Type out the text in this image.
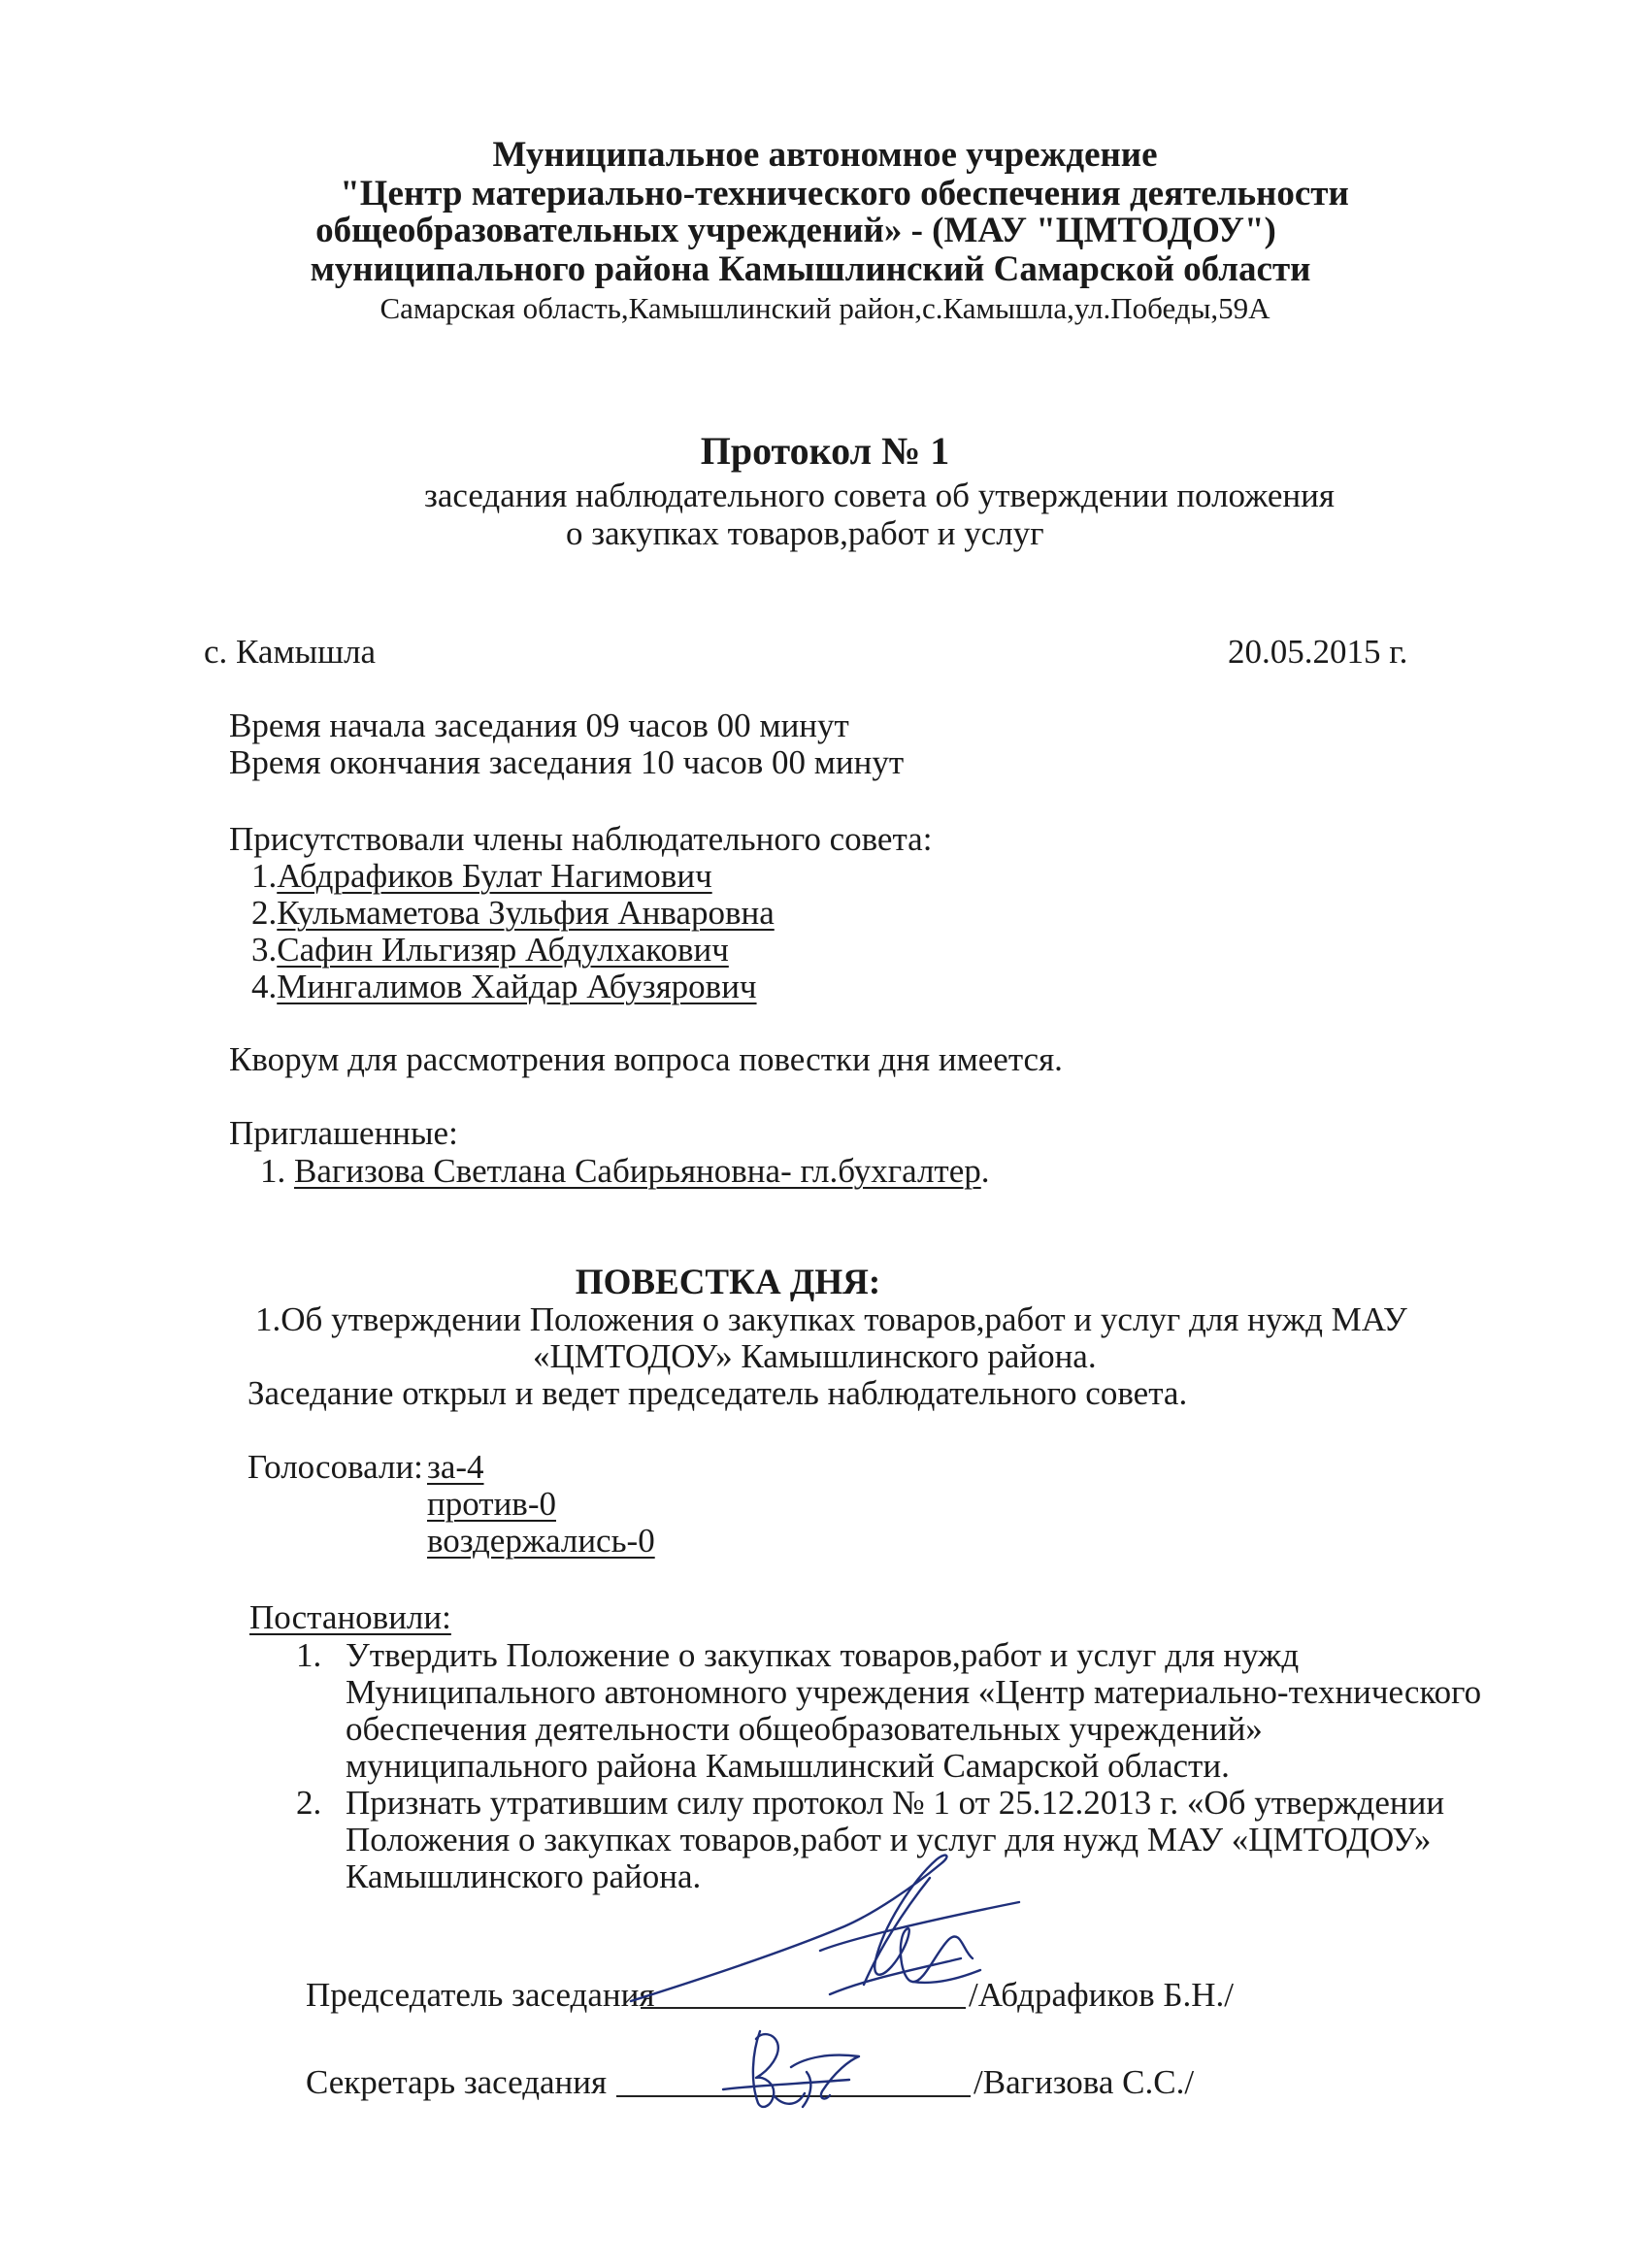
Муниципальное автономное учреждение
"Центр материально-технического обеспечения деятельности
общеобразовательных учреждений» - (МАУ "ЦМТОДОУ")
муниципального района Камышлинский Самарской области
Самарская область,Камышлинский район,с.Камышла,ул.Победы,59А
Протокол № 1
заседания наблюдательного совета об утверждении положения
о закупках товаров,работ и услуг
с. Камышла	20.05.2015 г.
Время начала заседания 09 часов 00 минут
Время окончания заседания 10 часов 00 минут
Присутствовали члены наблюдательного совета:
1.Абдрафиков Булат Нагимович
2.Кульмаметова Зульфия Анваровна
3.Сафин Ильгизяр Абдулхакович
4.Мингалимов Хайдар Абузярович
Кворум для рассмотрения вопроса повестки дня имеется.
Приглашенные:
1. Вагизова Светлана Сабирьяновна- гл.бухгалтер.
ПОВЕСТКА ДНЯ:
1.Об утверждении Положения о закупках товаров,работ и услуг для нужд МАУ
«ЦМТОДОУ» Камышлинского района.
Заседание открыл и ведет председатель наблюдательного совета.
Голосовали: за-4
против-0
воздержались-0
Постановили:
1. Утвердить Положение о закупках товаров,работ и услуг для нужд
Муниципального автономного учреждения «Центр материально-технического
обеспечения деятельности общеобразовательных учреждений»
муниципального района Камышлинский Самарской области.
2. Признать утратившим силу протокол № 1 от 25.12.2013 г. «Об утверждении
Положения о закупках товаров,работ и услуг для нужд МАУ «ЦМТОДОУ»
Камышлинского района.
Председатель заседания	/Абдрафиков Б.Н./
Секретарь заседания	/Вагизова С.С./
